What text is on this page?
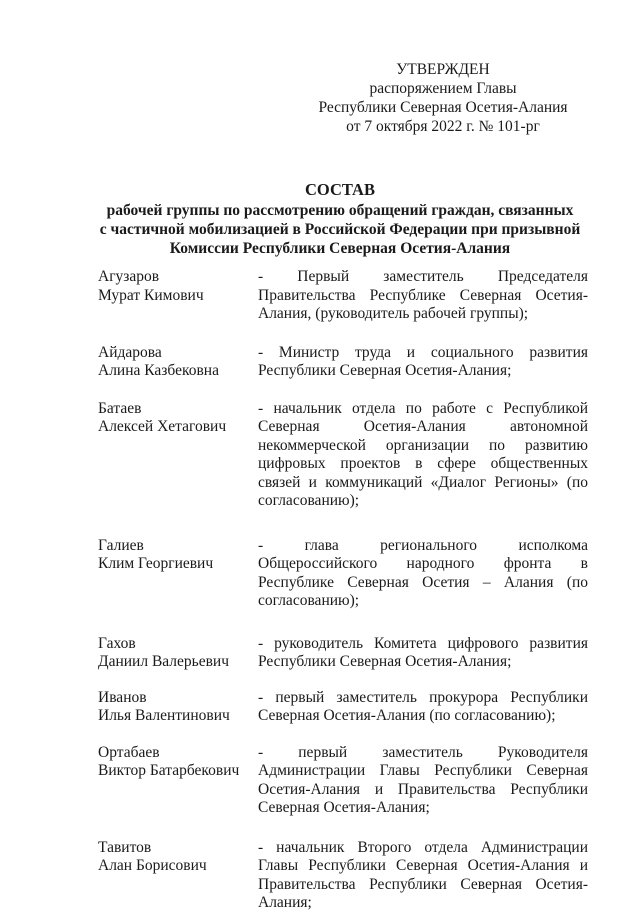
УТВЕРЖДЕН
распоряжением Главы
Республики Северная Осетия-Алания
от 7 октября 2022 г. № 101-рг
СОСТАВ
рабочей группы по рассмотрению обращений граждан, связанных
с частичной мобилизацией в Российской Федерации при призывной
Комиссии Республики Северная Осетия-Алания
Агузаров
Мурат Кимович
- Первый заместитель Председателя Правительства Республике Северная Осетия-Алания, (руководитель рабочей группы);
Айдарова
Алина Казбековна
- Министр труда и социального развития Республики Северная Осетия-Алания;
Батаев
Алексей Хетагович
- начальник отдела по работе с Республикой Северная Осетия-Алания автономной некоммерческой организации по развитию цифровых проектов в сфере общественных связей и коммуникаций «Диалог Регионы» (по согласованию);
Галиев
Клим Георгиевич
- глава регионального исполкома Общероссийского народного фронта в Республике Северная Осетия – Алания (по согласованию);
Гахов
Даниил Валерьевич
- руководитель Комитета цифрового развития Республики Северная Осетия-Алания;
Иванов
Илья Валентинович
- первый заместитель прокурора Республики Северная Осетия-Алания (по согласованию);
Ортабаев
Виктор Батарбекович
- первый заместитель Руководителя Администрации Главы Республики Северная Осетия-Алания и Правительства Республики Северная Осетия-Алания;
Тавитов
Алан Борисович
- начальник Второго отдела Администрации Главы Республики Северная Осетия-Алания и Правительства Республики Северная Осетия-Алания;
